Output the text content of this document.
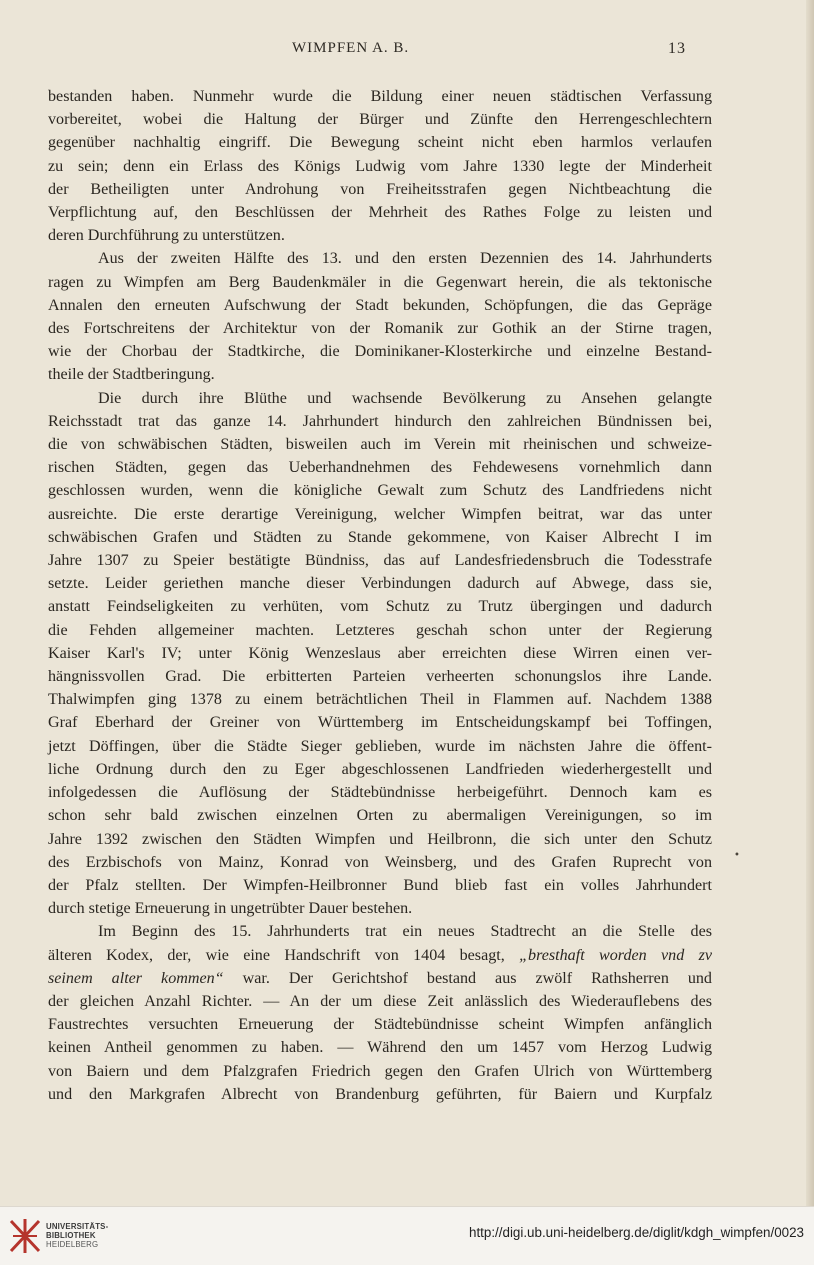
WIMPFEN A. B.	13
bestanden haben. Nunmehr wurde die Bildung einer neuen städtischen Verfassung
vorbereitet, wobei die Haltung der Bürger und Zünfte den Herrengeschlechtern
gegenüber nachhaltig eingriff. Die Bewegung scheint nicht eben harmlos verlaufen
zu sein; denn ein Erlass des Königs Ludwig vom Jahre 1330 legte der Minderheit
der Betheiligten unter Androhung von Freiheitsstrafen gegen Nichtbeachtung die
Verpflichtung auf, den Beschlüssen der Mehrheit des Rathes Folge zu leisten und
deren Durchführung zu unterstützen.
Aus der zweiten Hälfte des 13. und den ersten Dezennien des 14. Jahrhunderts
ragen zu Wimpfen am Berg Baudenkmäler in die Gegenwart herein, die als tektonische
Annalen den erneuten Aufschwung der Stadt bekunden, Schöpfungen, die das Gepräge
des Fortschreitens der Architektur von der Romanik zur Gothik an der Stirne tragen,
wie der Chorbau der Stadtkirche, die Dominikaner-Klosterkirche und einzelne Bestand-
theile der Stadtberingung.
Die durch ihre Blüthe und wachsende Bevölkerung zu Ansehen gelangte
Reichsstadt trat das ganze 14. Jahrhundert hindurch den zahlreichen Bündnissen bei,
die von schwäbischen Städten, bisweilen auch im Verein mit rheinischen und schweize-
rischen Städten, gegen das Ueberhandnehmen des Fehdewesens vornehmlich dann
geschlossen wurden, wenn die königliche Gewalt zum Schutz des Landfriedens nicht
ausreichte. Die erste derartige Vereinigung, welcher Wimpfen beitrat, war das unter
schwäbischen Grafen und Städten zu Stande gekommene, von Kaiser Albrecht I im
Jahre 1307 zu Speier bestätigte Bündniss, das auf Landesfriedensbruch die Todesstrafe
setzte. Leider geriethen manche dieser Verbindungen dadurch auf Abwege, dass sie,
anstatt Feindseligkeiten zu verhüten, vom Schutz zu Trutz übergingen und dadurch
die Fehden allgemeiner machten. Letzteres geschah schon unter der Regierung
Kaiser Karl's IV; unter König Wenzeslaus aber erreichten diese Wirren einen ver-
hängnissvollen Grad. Die erbitterten Parteien verheerten schonungslos ihre Lande.
Thalwimpfen ging 1378 zu einem beträchtlichen Theil in Flammen auf. Nachdem 1388
Graf Eberhard der Greiner von Württemberg im Entscheidungskampf bei Toffingen,
jetzt Döffingen, über die Städte Sieger geblieben, wurde im nächsten Jahre die öffent-
liche Ordnung durch den zu Eger abgeschlossenen Landfrieden wiederhergestellt und
infolgedessen die Auflösung der Städtebündnisse herbeigeführt. Dennoch kam es
schon sehr bald zwischen einzelnen Orten zu abermaligen Vereinigungen, so im
Jahre 1392 zwischen den Städten Wimpfen und Heilbronn, die sich unter den Schutz
des Erzbischofs von Mainz, Konrad von Weinsberg, und des Grafen Ruprecht von
der Pfalz stellten. Der Wimpfen-Heilbronner Bund blieb fast ein volles Jahrhundert
durch stetige Erneuerung in ungetrübter Dauer bestehen.
Im Beginn des 15. Jahrhunderts trat ein neues Stadtrecht an die Stelle des
älteren Kodex, der, wie eine Handschrift von 1404 besagt, „bresthaft worden vnd zv
seinem alter kommen“ war. Der Gerichtshof bestand aus zwölf Rathsherren und
der gleichen Anzahl Richter. — An der um diese Zeit anlässlich des Wiederauflebens des
Faustrechtes versuchten Erneuerung der Städtebündnisse scheint Wimpfen anfänglich
keinen Antheil genommen zu haben. — Während den um 1457 vom Herzog Ludwig
von Baiern und dem Pfalzgrafen Friedrich gegen den Grafen Ulrich von Württemberg
und den Markgrafen Albrecht von Brandenburg geführten, für Baiern und Kurpfalz
•
UNIVERSITÄTS-
BIBLIOTHEK
HEIDELBERG
http://digi.ub.uni-heidelberg.de/diglit/kdgh_wimpfen/0023
